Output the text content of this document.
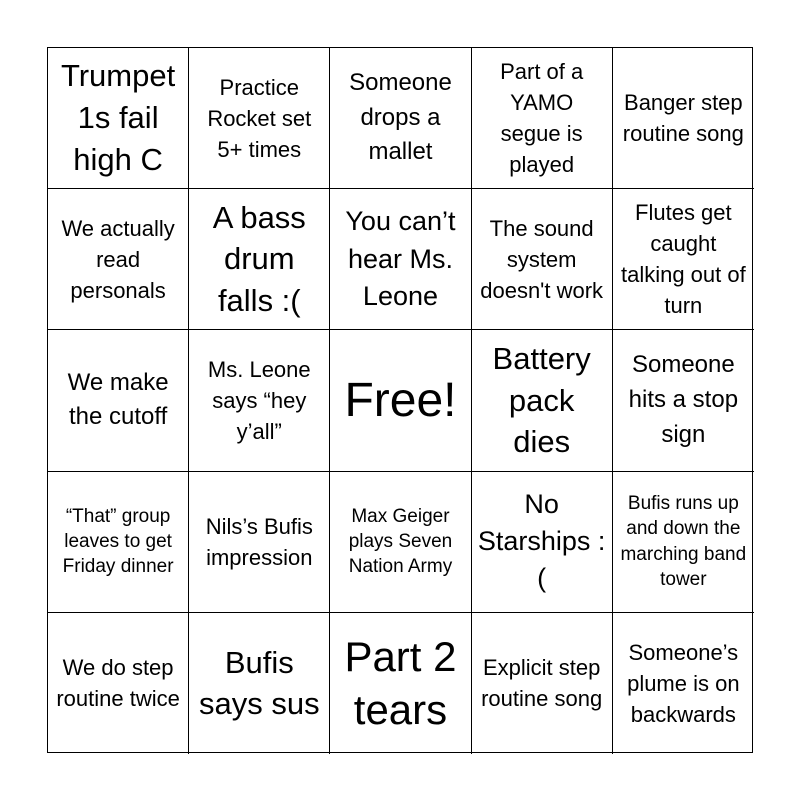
Trumpet 1s fail high C
Practice Rocket set 5+ times
Someone drops a mallet
Part of a YAMO segue is played
Banger step routine song
We actually read personals
A bass drum falls :(
You can’t hear Ms. Leone
The sound system doesn't work
Flutes get caught talking out of turn
We make the cutoff
Ms. Leone says “hey y’all”
Free!
Battery pack dies
Someone hits a stop sign
“That” group leaves to get Friday dinner
Nils’s Bufis impression
Max Geiger plays Seven Nation Army
No Starships :(
Bufis runs up and down the marching band tower
We do step routine twice
Bufis says sus
Part 2 tears
Explicit step routine song
Someone’s plume is on backwards
